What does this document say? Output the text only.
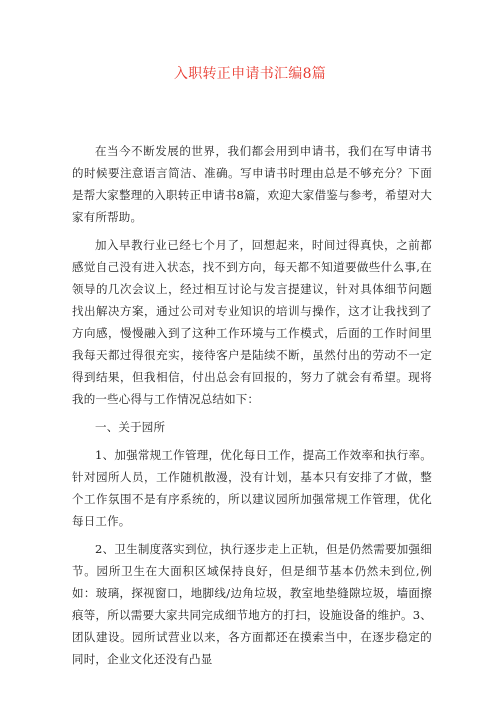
入职转正申请书汇编8篇

在当今不断发展的世界，我们都会用到申请书，我们在写申请书的时候要注意语言简洁、准确。写申请书时理由总是不够充分？下面是帮大家整理的入职转正申请书8篇，欢迎大家借鉴与参考，希望对大家有所帮助。

加入早教行业已经七个月了，回想起来，时间过得真快，之前都感觉自己没有进入状态，找不到方向，每天都不知道要做些什么事,在领导的几次会议上，经过相互讨论与发言提建议，针对具体细节问题找出解决方案，通过公司对专业知识的培训与操作，这才让我找到了方向感，慢慢融入到了这种工作环境与工作模式，后面的工作时间里我每天都过得很充实，接待客户是陆续不断，虽然付出的劳动不一定得到结果，但我相信，付出总会有回报的，努力了就会有希望。现将我的一些心得与工作情况总结如下：

一、关于园所

1、加强常规工作管理，优化每日工作，提高工作效率和执行率。针对园所人员，工作随机散漫，没有计划，基本只有安排了才做，整个工作氛围不是有序系统的，所以建议园所加强常规工作管理，优化每日工作。

2、卫生制度落实到位，执行逐步走上正轨，但是仍然需要加强细节。园所卫生在大面积区域保持良好，但是细节基本仍然未到位,例如：玻璃，探视窗口，地脚线/边角垃圾，教室地垫缝隙垃圾，墙面擦痕等，所以需要大家共同完成细节地方的打扫，设施设备的维护。3、团队建设。园所试营业以来，各方面都还在摸索当中，在逐步稳定的同时，企业文化还没有凸显
